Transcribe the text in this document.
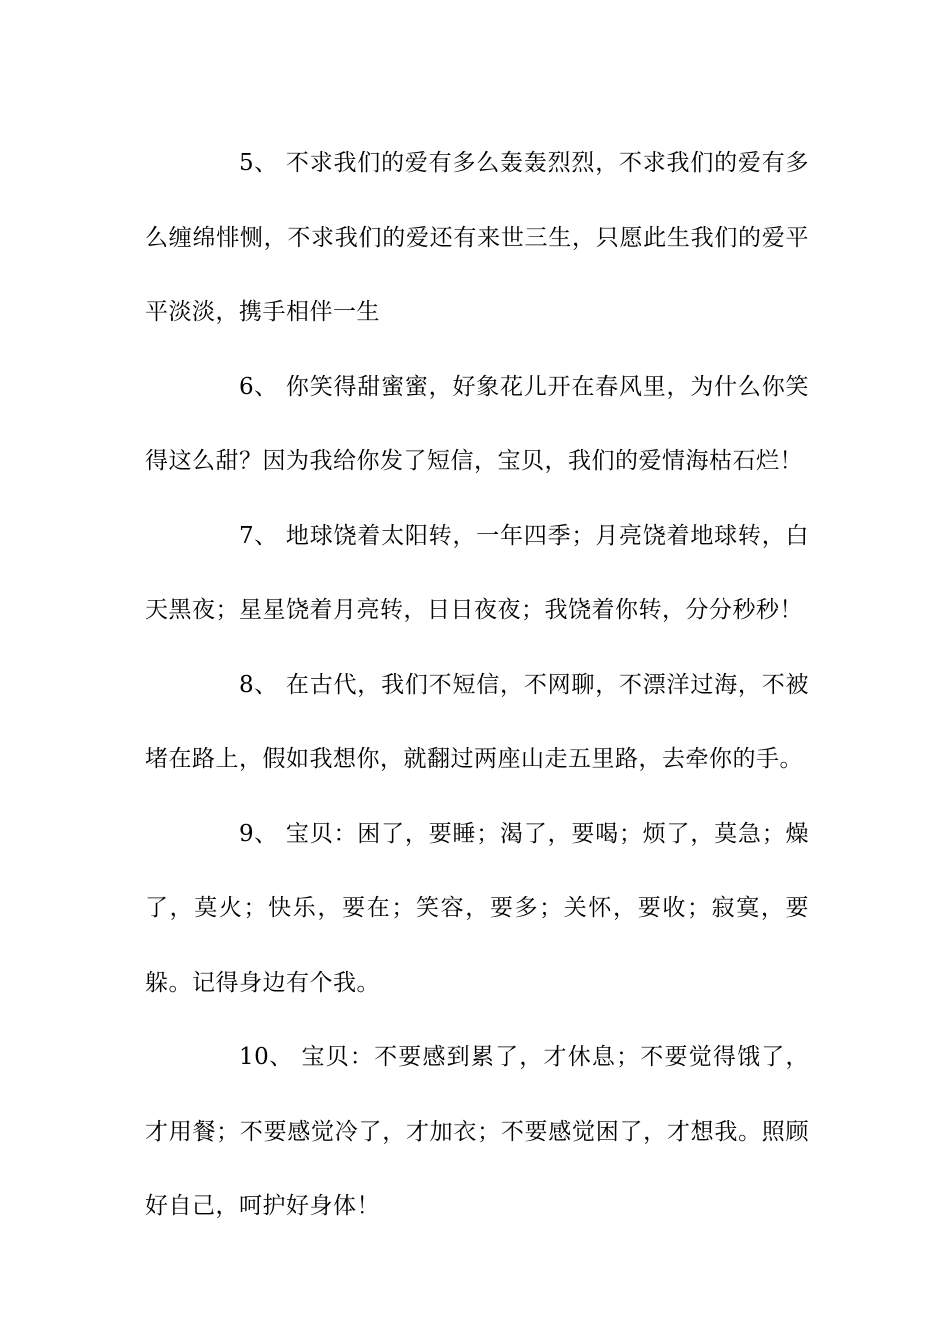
5、 不求我们的爱有多么轰轰烈烈，不求我们的爱有多么缠绵悱恻，不求我们的爱还有来世三生，只愿此生我们的爱平平淡淡，携手相伴一生

6、 你笑得甜蜜蜜，好象花儿开在春风里，为什么你笑得这么甜？因为我给你发了短信，宝贝，我们的爱情海枯石烂！

7、 地球饶着太阳转，一年四季；月亮饶着地球转，白天黑夜；星星饶着月亮转，日日夜夜；我饶着你转，分分秒秒！

8、 在古代，我们不短信，不网聊，不漂洋过海，不被堵在路上，假如我想你，就翻过两座山走五里路，去牵你的手。

9、 宝贝：困了，要睡；渴了，要喝；烦了，莫急；燥了，莫火；快乐，要在；笑容，要多；关怀，要收；寂寞，要躲。记得身边有个我。

10、 宝贝：不要感到累了，才休息；不要觉得饿了，才用餐；不要感觉冷了，才加衣；不要感觉困了，才想我。照顾好自己，呵护好身体！
